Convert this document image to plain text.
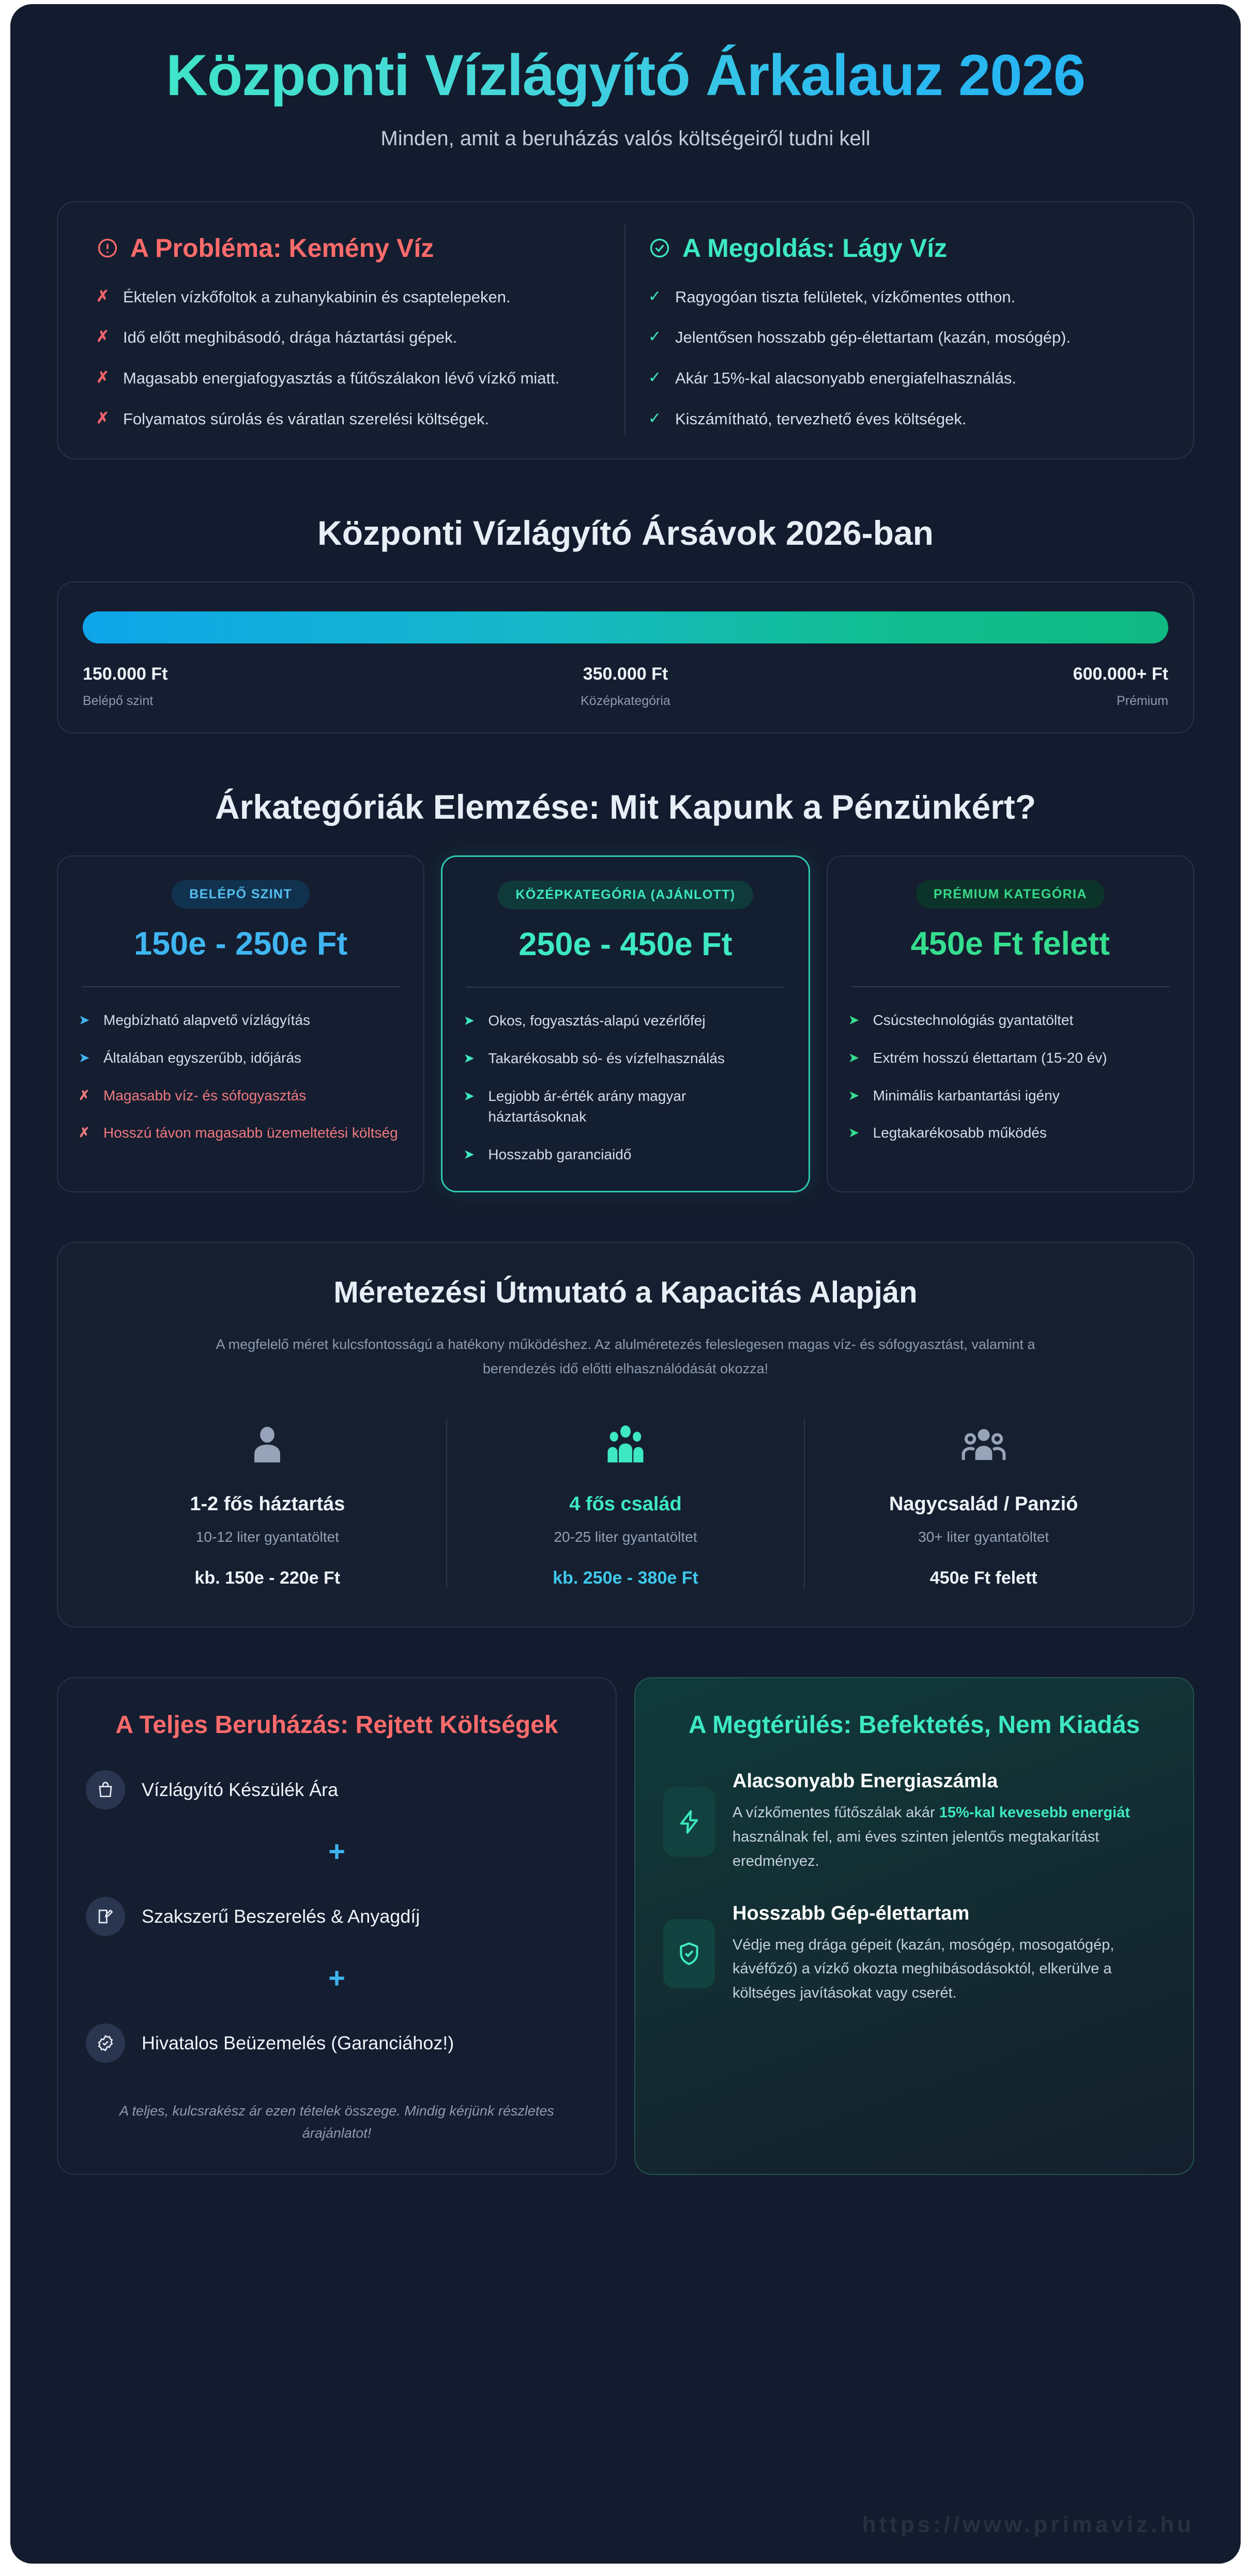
Központi Vízlágyító Árkalauz 2026

Minden, amit a beruházás valós költségeiről tudni kell

A Probléma: Kemény Víz
✗ Éktelen vízkőfoltok a zuhanykabinin és csaptelepeken.
✗ Idő előtt meghibásodó, drága háztartási gépek.
✗ Magasabb energiafogyasztás a fűtőszálakon lévő vízkő miatt.
✗ Folyamatos súrolás és váratlan szerelési költségek.
A Megoldás: Lágy Víz
✓ Ragyogóan tiszta felületek, vízkőmentes otthon.
✓ Jelentősen hosszabb gép-élettartam (kazán, mosógép).
✓ Akár 15%-kal alacsonyabb energiafelhasználás.
✓ Kiszámítható, tervezhető éves költségek.
Központi Vízlágyító Ársávok 2026-ban
150.000 Ft
Belépő szint
350.000 Ft
Középkategória
600.000+ Ft
Prémium
Árkategóriák Elemzése: Mit Kapunk a Pénzünkért?
BELÉPŐ SZINT
150e - 250e Ft
➤ Megbízható alapvető vízlágyítás
➤ Általában egyszerűbb, időjárás
✗ Magasabb víz- és sófogyasztás
✗ Hosszú távon magasabb üzemeltetési költség
KÖZÉPKATEGÓRIA (AJÁNLOTT)
250e - 450e Ft
➤ Okos, fogyasztás-alapú vezérlőfej
➤ Takarékosabb só- és vízfelhasználás
➤ Legjobb ár-érték arány magyar háztartásoknak
➤ Hosszabb garanciaidő
PRÉMIUM KATEGÓRIA
450e Ft felett
➤ Csúcstechnológiás gyantatöltet
➤ Extrém hosszú élettartam (15-20 év)
➤ Minimális karbantartási igény
➤ Legtakarékosabb működés
Méretezési Útmutató a Kapacitás Alapján

A megfelelő méret kulcsfontosságú a hatékony működéshez. Az alulméretezés feleslegesen magas víz- és sófogyasztást, valamint a berendezés idő előtti elhasználódását okozza!

1-2 fős háztartás
10-12 liter gyantatöltet
kb. 150e - 220e Ft
4 fős család
20-25 liter gyantatöltet
kb. 250e - 380e Ft
Nagycsalád / Panzió
30+ liter gyantatöltet
450e Ft felett
A Teljes Beruházás: Rejtett Költségek
Vízlágyító Készülék Ára
+
Szakszerű Beszerelés & Anyagdíj
+
Hivatalos Beüzemelés (Garanciához!)

A teljes, kulcsrakész ár ezen tételek összege. Mindig kérjünk részletes árajánlatot!

A Megtérülés: Befektetés, Nem Kiadás
Alacsonyabb Energiaszámla

A vízkőmentes fűtőszálak akár 15%-kal kevesebb energiát használnak fel, ami éves szinten jelentős megtakarítást eredményez.

Hosszabb Gép-élettartam

Védje meg drága gépeit (kazán, mosógép, mosogatógép, kávéfőző) a vízkő okozta meghibásodásoktól, elkerülve a költséges javításokat vagy cserét.

https://www.primaviz.hu
